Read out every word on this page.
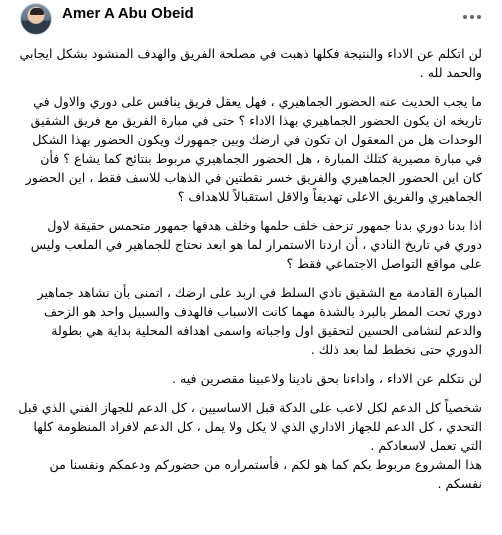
Amer A Abu Obeid

لن اتكلم عن الاداء والنتيجة فكلها ذهبت في مصلحة الفريق والهدف المنشود بشكل ايجابي والحمد لله .

ما يجب الحديث عنه الحضور الجماهيري ، فهل يعقل فريق ينافس على دوري والاول في تاريخه ان يكون الحضور الجماهيري بهذا الاداء ؟ حتى في مبارة الفريق مع فريق الشقيق الوحدات هل من المعقول ان تكون في ارضك وبين جمهورك ويكون الحضور بهذا الشكل في مبارة مصيرية كتلك المبارة ، هل الحضور الجماهيري مربوط بنتائج كما يشاع ؟ فأن كان اين الحضور الجماهيري والفريق خسر نقطتين في الذهاب للاسف فقط ، اين الحضور الجماهيري والفريق الاعلى تهديفاً والاقل استقبالاً للاهداف ؟

اذا بدنا دوري بدنا جمهور تزحف خلف حلمها وخلف هدفها جمهور متحمس حقيقة لاول دوري في تاريخ النادي ، أن اردنا الاستمرار لما هو ابعد نحتاج للجماهير في الملعب وليس على مواقع التواصل الاجتماعي فقط ؟

المبارة القادمة مع الشقيق نادي السلط في اربد على ارضك ، اتمنى بأن نشاهد جماهير دوري تحت المطر بالبرد بالشدة مهما كانت الاسباب فالهدف والسبيل واحد هو الزحف والدعم لنشامى الحسين لتحقيق اول واجباته واسمى اهدافه المحلية بداية هي بطولة الدوري حتى نخطط لما بعد ذلك .

لن نتكلم عن الاداء ، واداءنا بحق نادينا ولاعبينا مقصرين فيه .

شخصياً كل الدعم لكل لاعب على الدكة قبل الاساسيين ، كل الدعم للجهاز الفني الذي قبل التحدي ، كل الدعم للجهاز الاداري الذي لا يكل ولا يمل ، كل الدعم لافراد المنظومة كلها التي تعمل لاسعادكم .

هذا المشروع مربوط بكم كما هو لكم ، فأستمراره من حضوركم ودعمكم ونفسنا من نفسكم .
